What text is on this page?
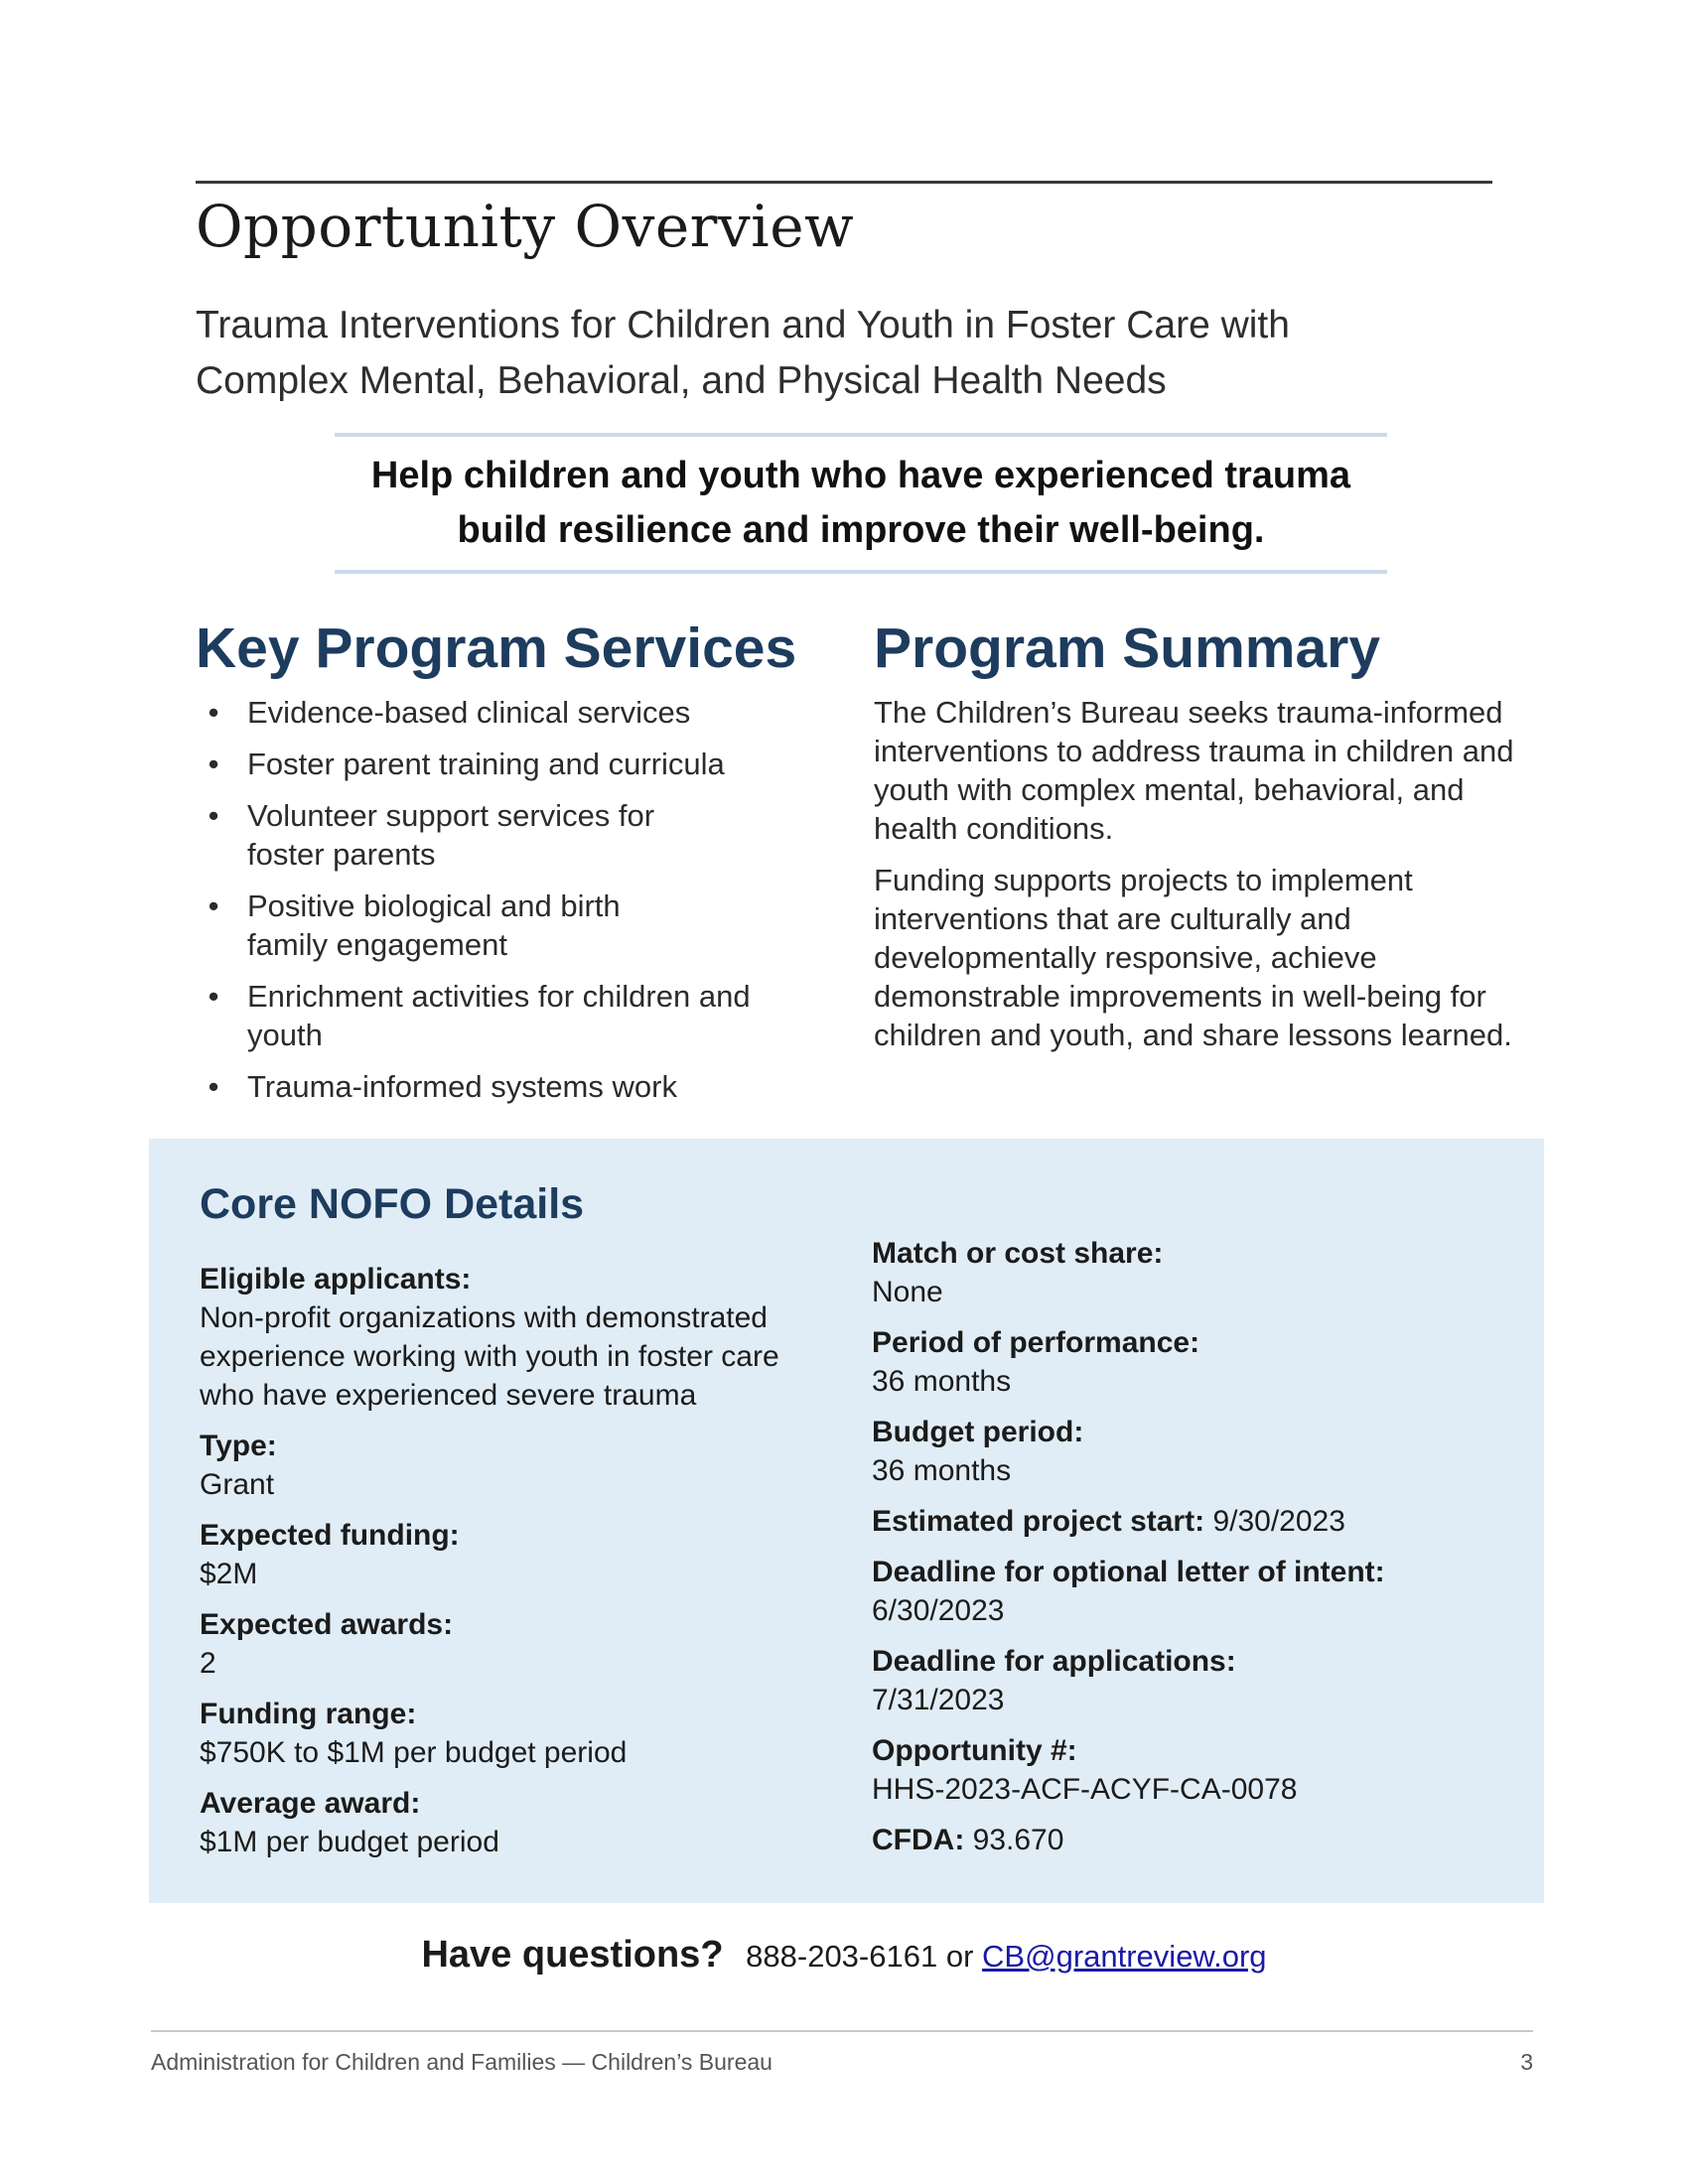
Opportunity Overview

Trauma Interventions for Children and Youth in Foster Care with Complex Mental, Behavioral, and Physical Health Needs

Help children and youth who have experienced trauma build resilience and improve their well-being.

Key Program Services Program Summary
• Evidence-based clinical services
• Foster parent training and curricula
• Volunteer support services for foster parents
• Positive biological and birth family engagement
• Enrichment activities for children and youth
• Trauma-informed systems work

The Children’s Bureau seeks trauma-informed interventions to address trauma in children and youth with complex mental, behavioral, and health conditions.

Funding supports projects to implement interventions that are culturally and developmentally responsive, achieve demonstrable improvements in well-being for children and youth, and share lessons learned.

Core NOFO Details
Eligible applicants:
Non-profit organizations with demonstrated experience working with youth in foster care who have experienced severe trauma
Type:
Grant
Expected funding:
$2M
Expected awards:
2
Funding range:
$750K to $1M per budget period
Average award:
$1M per budget period
Match or cost share:
None
Period of performance:
36 months
Budget period:
36 months
Estimated project start: 9/30/2023
Deadline for optional letter of intent:
6/30/2023
Deadline for applications:
7/31/2023
Opportunity #:
HHS-2023-ACF-ACYF-CA-0078
CFDA: 93.670
Have questions? 888-203-6161 or CB@grantreview.org
Administration for Children and Families — Children’s Bureau	3
